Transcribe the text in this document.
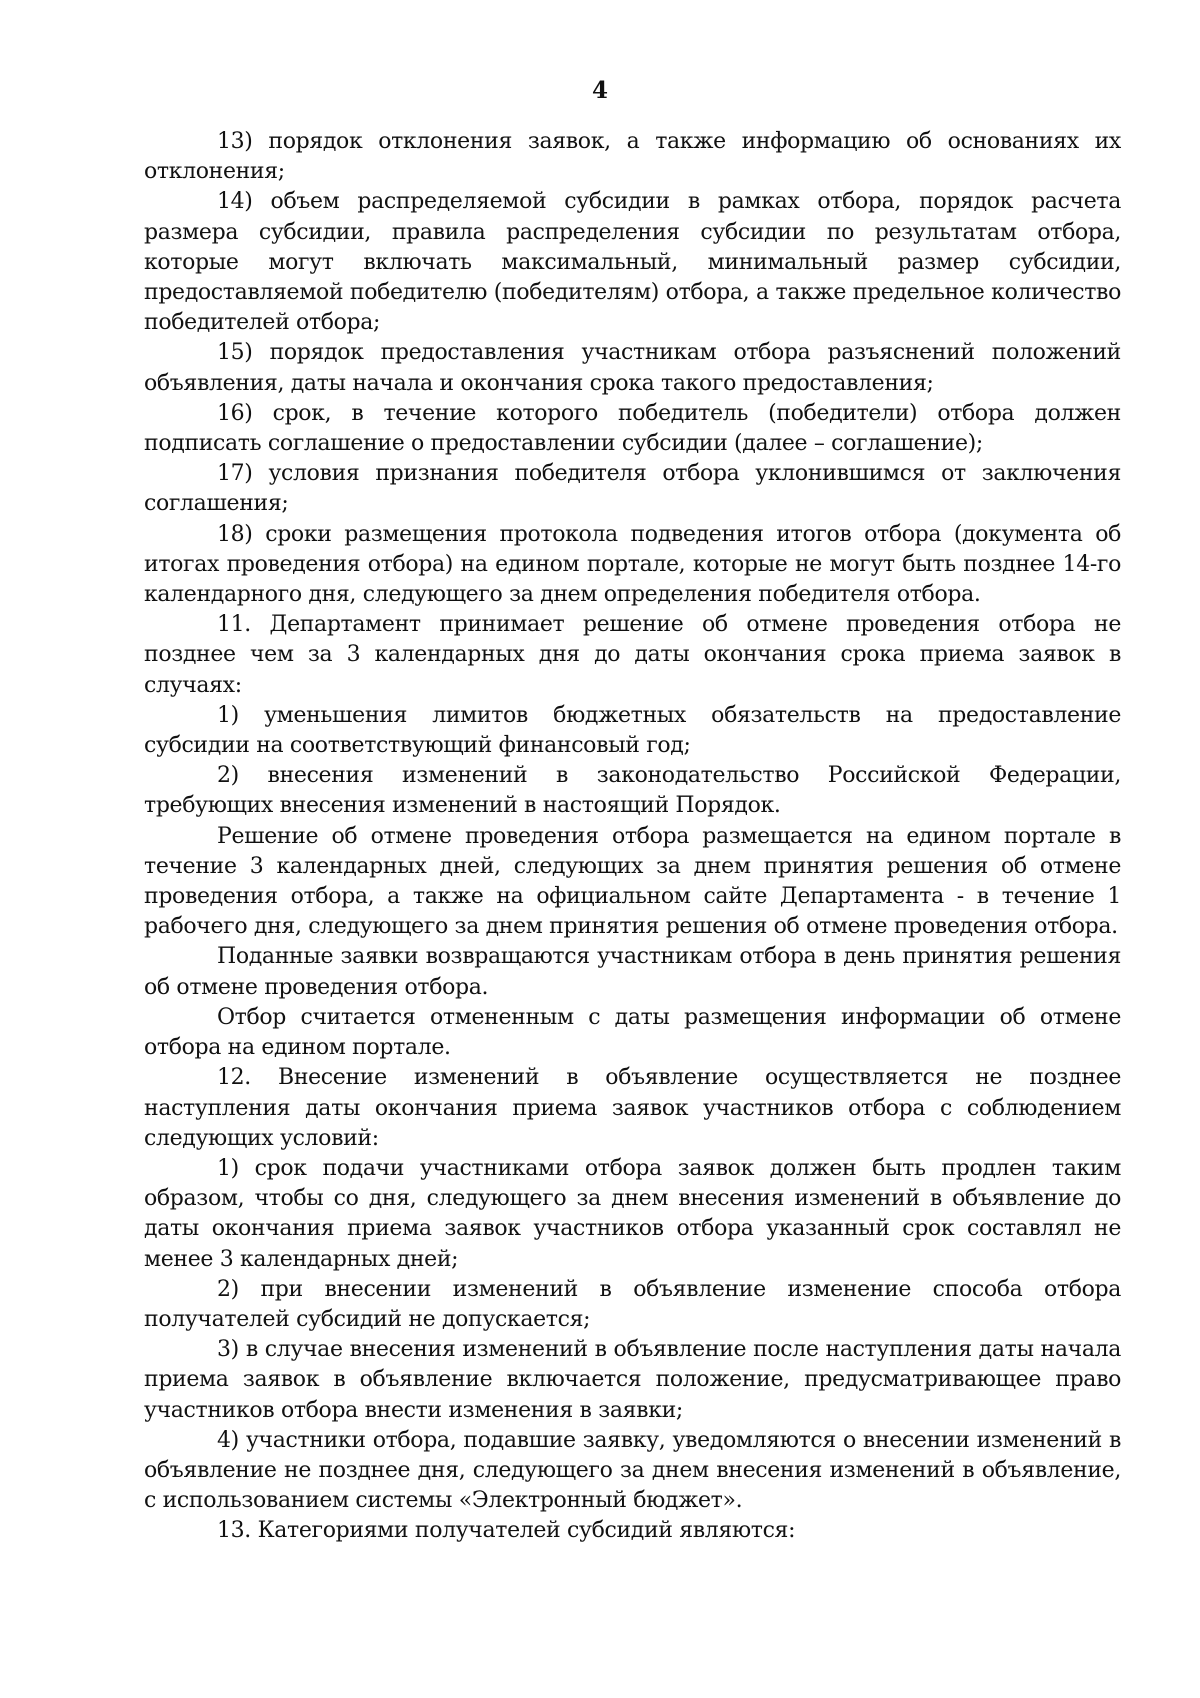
4

13) порядок отклонения заявок, а также информацию об основаниях их отклонения;

14) объем распределяемой субсидии в рамках отбора, порядок расчета размера субсидии, правила распределения субсидии по результатам отбора, которые могут включать максимальный, минимальный размер субсидии, предоставляемой победителю (победителям) отбора, а также предельное количество победителей отбора;

15) порядок предоставления участникам отбора разъяснений положений объявления, даты начала и окончания срока такого предоставления;

16) срок, в течение которого победитель (победители) отбора должен подписать соглашение о предоставлении субсидии (далее – соглашение);

17) условия признания победителя отбора уклонившимся от заключения соглашения;

18) сроки размещения протокола подведения итогов отбора (документа об итогах проведения отбора) на едином портале, которые не могут быть позднее 14-го календарного дня, следующего за днем определения победителя отбора.

11. Департамент принимает решение об отмене проведения отбора не позднее чем за 3 календарных дня до даты окончания срока приема заявок в случаях:

1) уменьшения лимитов бюджетных обязательств на предоставление субсидии на соответствующий финансовый год;

2) внесения изменений в законодательство Российской Федерации, требующих внесения изменений в настоящий Порядок.

Решение об отмене проведения отбора размещается на едином портале в течение 3 календарных дней, следующих за днем принятия решения об отмене проведения отбора, а также на официальном сайте Департамента - в течение 1 рабочего дня, следующего за днем принятия решения об отмене проведения отбора.

Поданные заявки возвращаются участникам отбора в день принятия решения об отмене проведения отбора.

Отбор считается отмененным с даты размещения информации об отмене отбора на едином портале.

12. Внесение изменений в объявление осуществляется не позднее наступления даты окончания приема заявок участников отбора с соблюдением следующих условий:

1) срок подачи участниками отбора заявок должен быть продлен таким образом, чтобы со дня, следующего за днем внесения изменений в объявление до даты окончания приема заявок участников отбора указанный срок составлял не менее 3 календарных дней;

2) при внесении изменений в объявление изменение способа отбора получателей субсидий не допускается;

3) в случае внесения изменений в объявление после наступления даты начала приема заявок в объявление включается положение, предусматривающее право участников отбора внести изменения в заявки;

4) участники отбора, подавшие заявку, уведомляются о внесении изменений в объявление не позднее дня, следующего за днем внесения изменений в объявление, с использованием системы «Электронный бюджет».

13. Категориями получателей субсидий являются:
